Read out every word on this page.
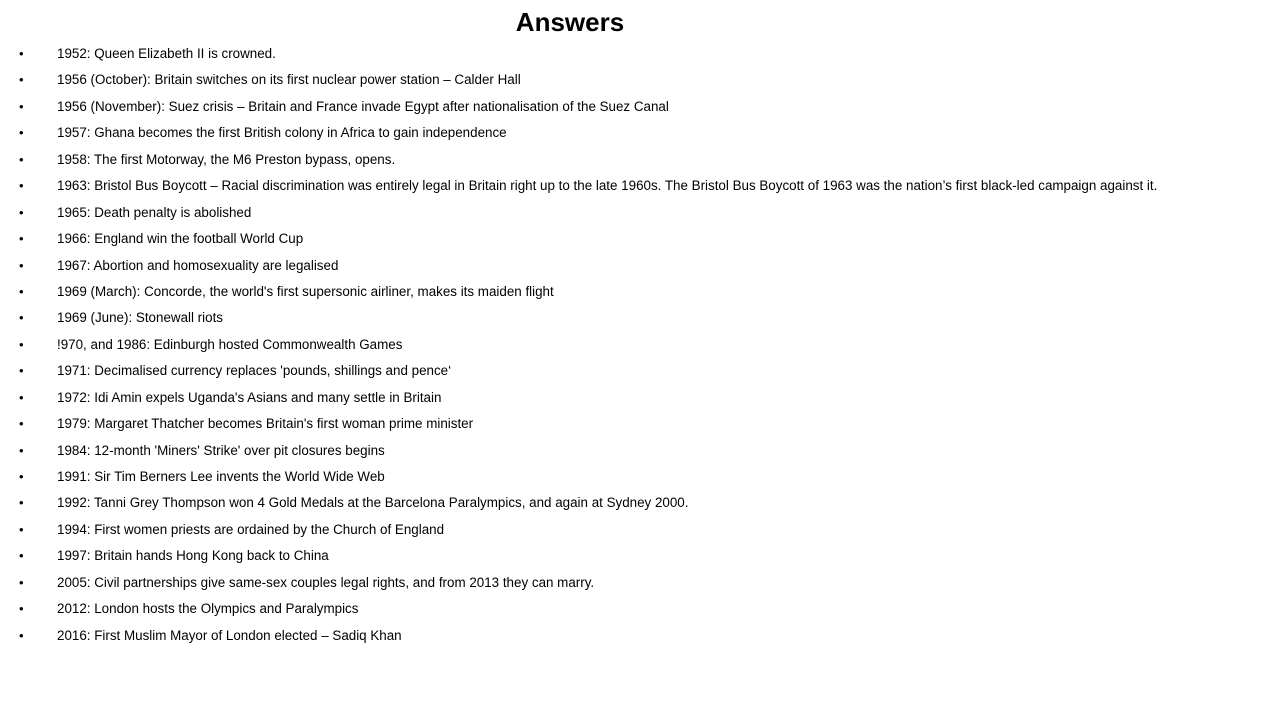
Answers
•	1952: Queen Elizabeth II is crowned.
•	1956 (October): Britain switches on its first nuclear power station – Calder Hall
•	1956 (November): Suez crisis – Britain and France invade Egypt after nationalisation of the Suez Canal
•	1957: Ghana becomes the first British colony in Africa to gain independence
•	1958: The first Motorway, the M6 Preston bypass, opens.
•	1963: Bristol Bus Boycott – Racial discrimination was entirely legal in Britain right up to the late 1960s. The Bristol Bus Boycott of 1963 was the nation’s first black-led campaign against it.
•	1965: Death penalty is abolished
•	1966: England win the football World Cup
•	1967: Abortion and homosexuality are legalised
•	1969 (March): Concorde, the world's first supersonic airliner, makes its maiden flight
•	1969 (June): Stonewall riots
•	!970, and 1986: Edinburgh hosted Commonwealth Games
•	1971: Decimalised currency replaces 'pounds, shillings and pence‘
•	1972: Idi Amin expels Uganda's Asians and many settle in Britain
•	1979: Margaret Thatcher becomes Britain's first woman prime minister
•	1984: 12-month 'Miners' Strike' over pit closures begins
•	1991: Sir Tim Berners Lee invents the World Wide Web
•	1992: Tanni Grey Thompson won 4 Gold Medals at the Barcelona Paralympics, and again at Sydney 2000.
•	1994: First women priests are ordained by the Church of England
•	1997: Britain hands Hong Kong back to China
•	2005: Civil partnerships give same-sex couples legal rights, and from 2013 they can marry.
•	2012: London hosts the Olympics and Paralympics
•	2016: First Muslim Mayor of London elected – Sadiq Khan
